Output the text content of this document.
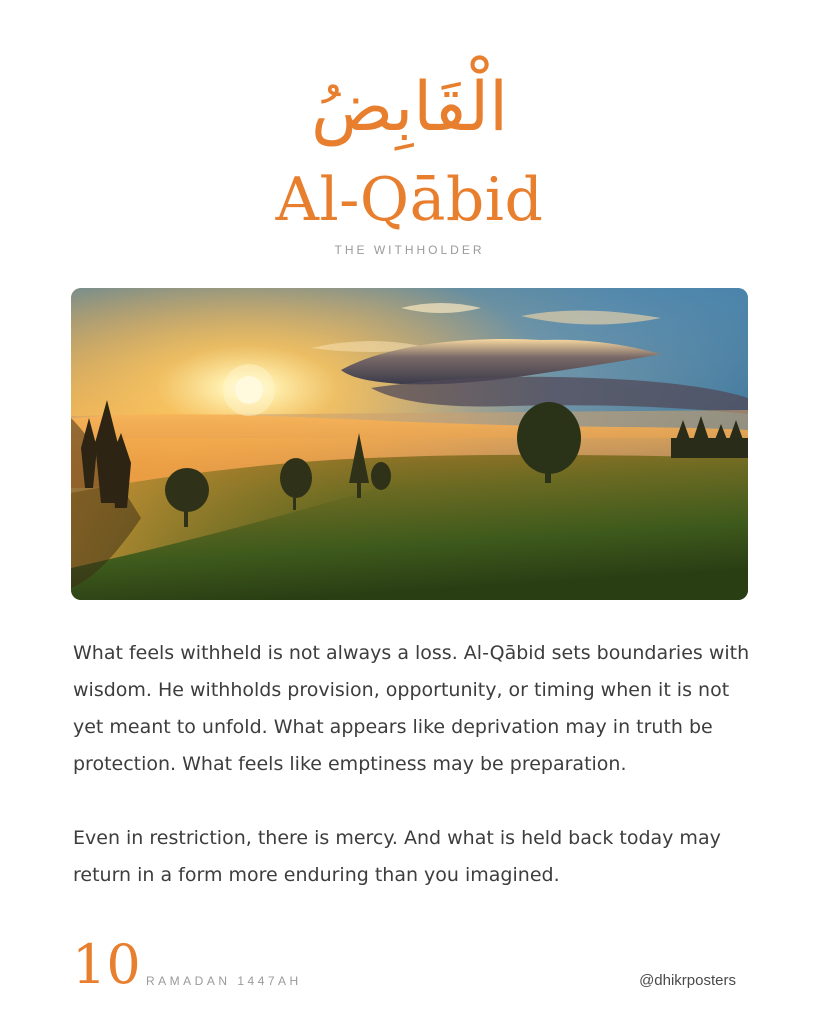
الْقَابِضُ
Al-Qābid
THE WITHHOLDER

What feels withheld is not always a loss. Al-Qābid sets boundaries with wisdom. He withholds provision, opportunity, or timing when it is not yet meant to unfold. What appears like deprivation may in truth be protection. What feels like emptiness may be preparation.

Even in restriction, there is mercy. And what is held back today may return in a form more enduring than you imagined.

10 RAMADAN 1447AH	@dhikrposters
